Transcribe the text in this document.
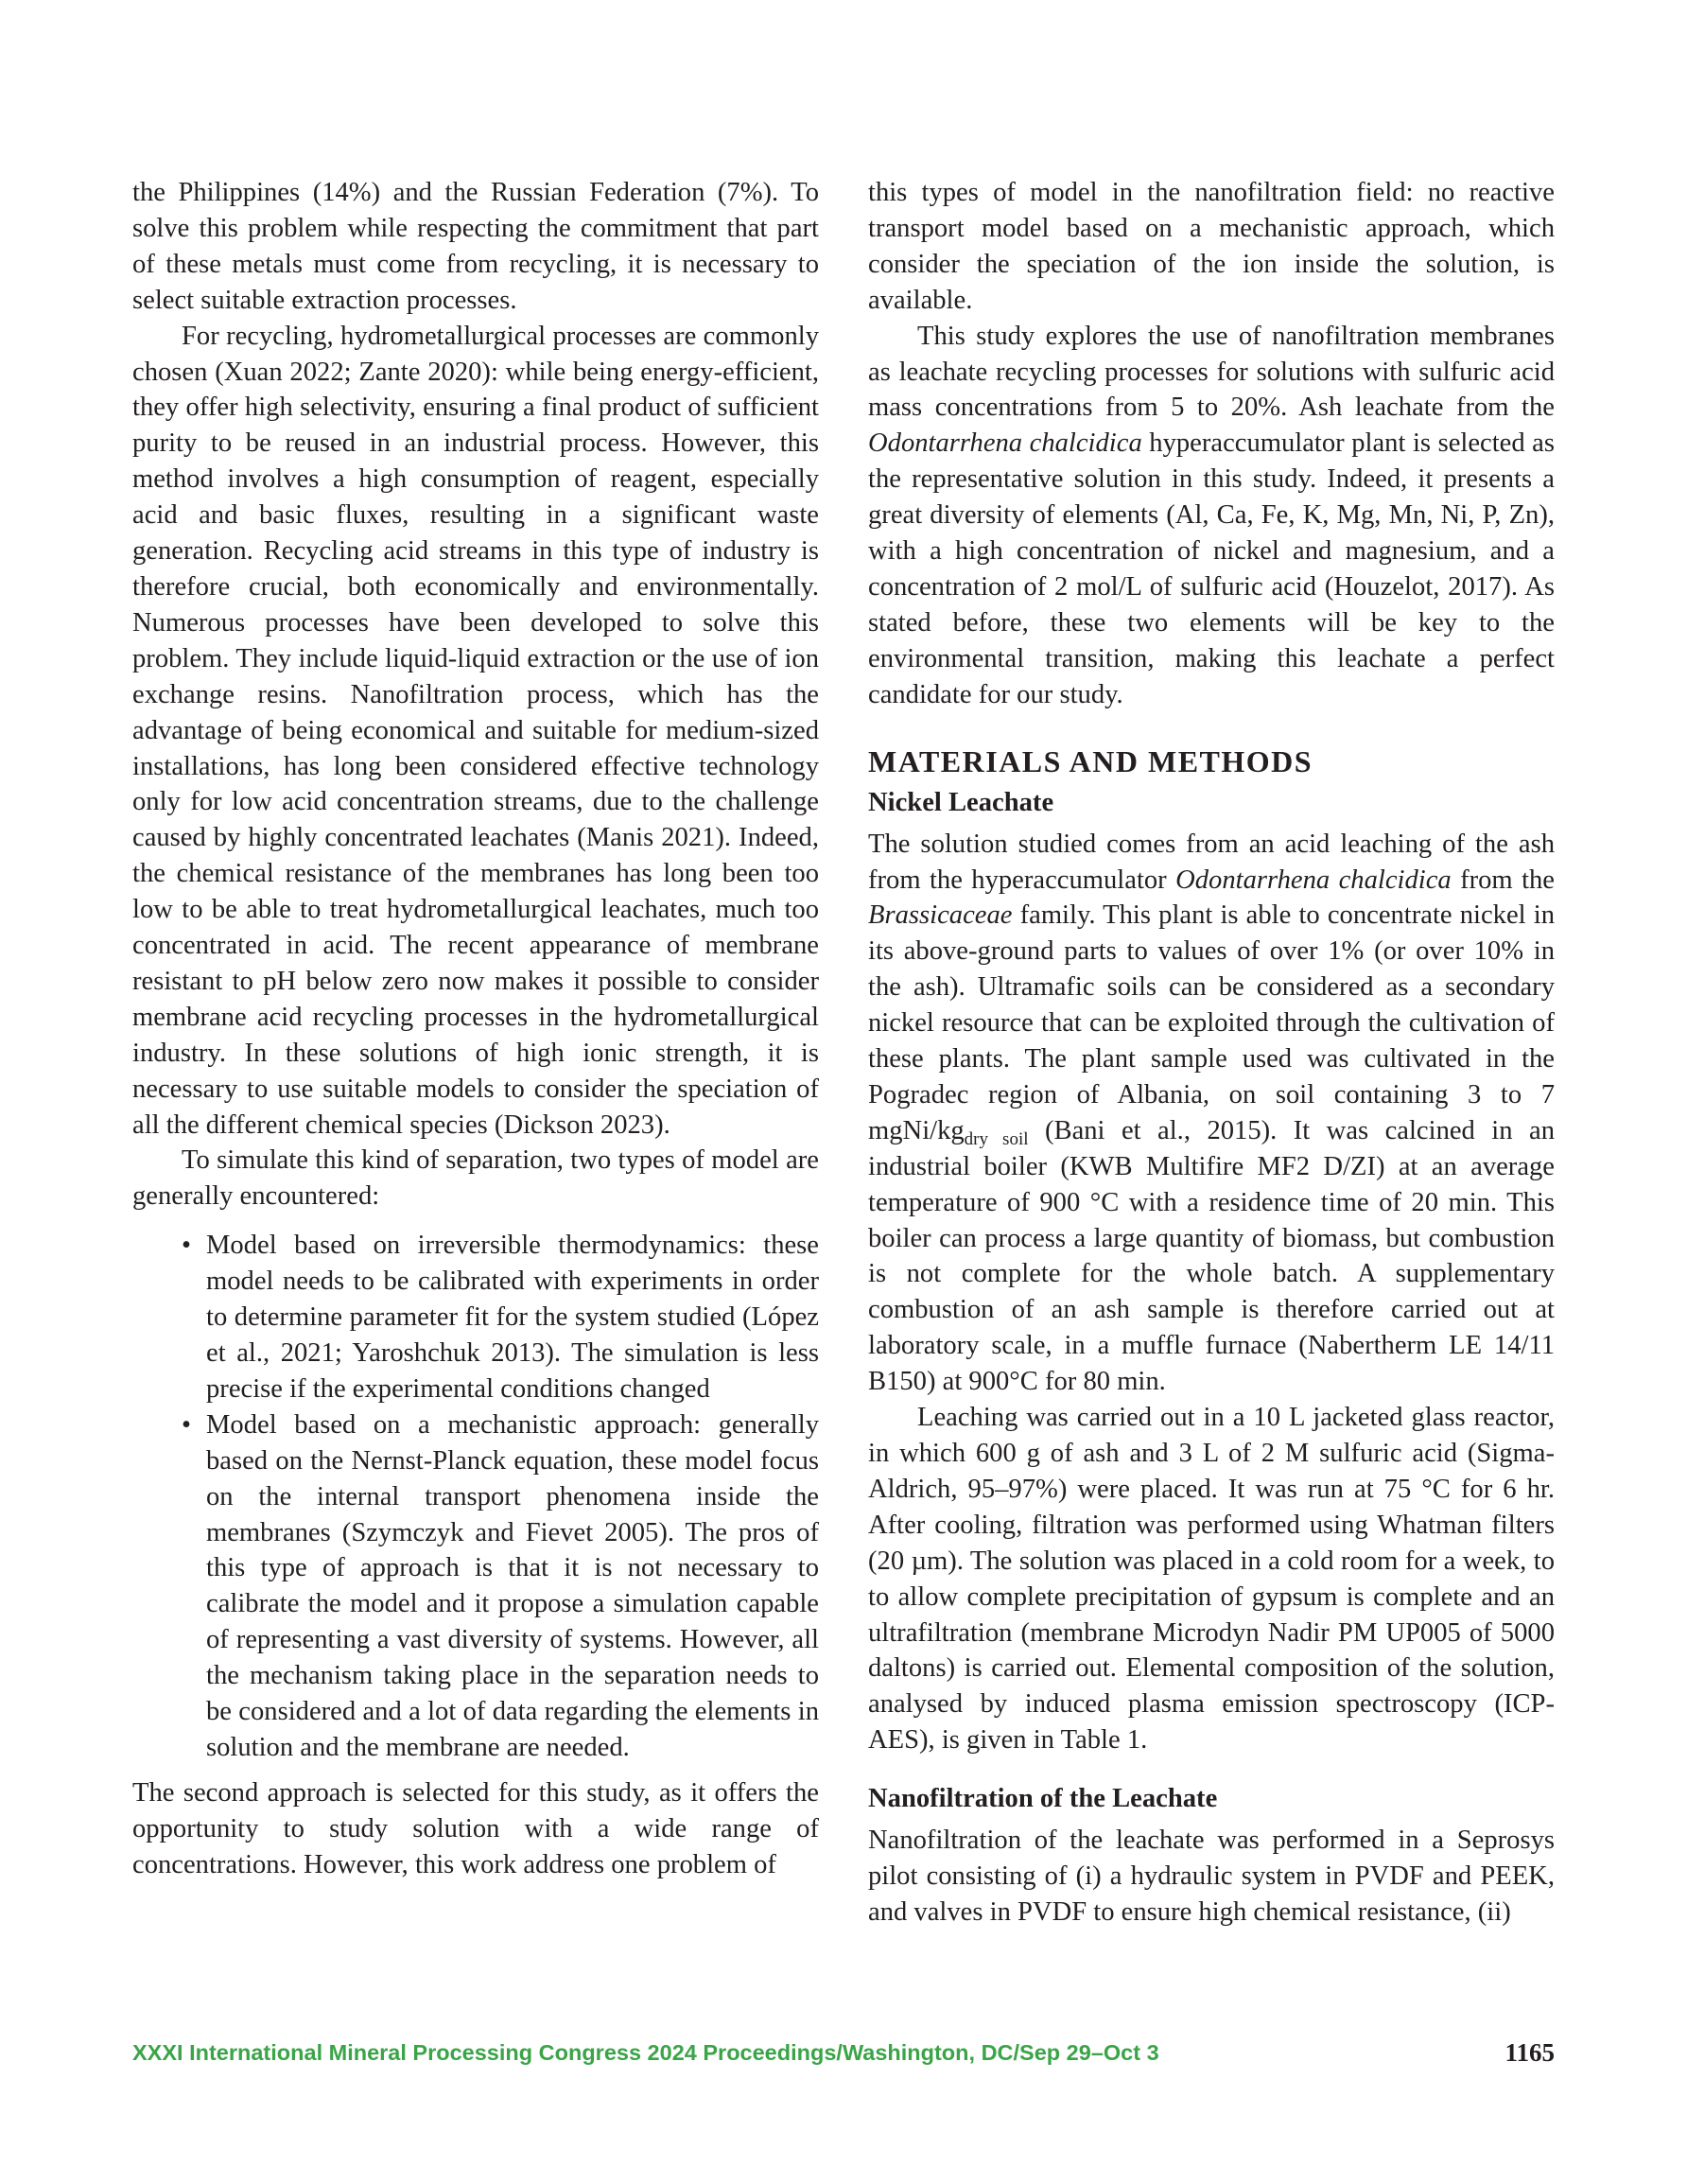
the Philippines (14%) and the Russian Federation (7%). To solve this problem while respecting the commitment that part of these metals must come from recycling, it is necessary to select suitable extraction processes.

For recycling, hydrometallurgical processes are commonly chosen (Xuan 2022; Zante 2020): while being energy-efficient, they offer high selectivity, ensuring a final product of sufficient purity to be reused in an industrial process. However, this method involves a high consumption of reagent, especially acid and basic fluxes, resulting in a significant waste generation. Recycling acid streams in this type of industry is therefore crucial, both economically and environmentally. Numerous processes have been developed to solve this problem. They include liquid-liquid extraction or the use of ion exchange resins. Nanofiltration process, which has the advantage of being economical and suitable for medium-sized installations, has long been considered effective technology only for low acid concentration streams, due to the challenge caused by highly concentrated leachates (Manis 2021). Indeed, the chemical resistance of the membranes has long been too low to be able to treat hydrometallurgical leachates, much too concentrated in acid. The recent appearance of membrane resistant to pH below zero now makes it possible to consider membrane acid recycling processes in the hydrometallurgical industry. In these solutions of high ionic strength, it is necessary to use suitable models to consider the speciation of all the different chemical species (Dickson 2023).

To simulate this kind of separation, two types of model are generally encountered:

• Model based on irreversible thermodynamics: these model needs to be calibrated with experiments in order to determine parameter fit for the system studied (López et al., 2021; Yaroshchuk 2013). The simulation is less precise if the experimental conditions changed
• Model based on a mechanistic approach: generally based on the Nernst-Planck equation, these model focus on the internal transport phenomena inside the membranes (Szymczyk and Fievet 2005). The pros of this type of approach is that it is not necessary to calibrate the model and it propose a simulation capable of representing a vast diversity of systems. However, all the mechanism taking place in the separation needs to be considered and a lot of data regarding the elements in solution and the membrane are needed.

The second approach is selected for this study, as it offers the opportunity to study solution with a wide range of concentrations. However, this work address one problem of

this types of model in the nanofiltration field: no reactive transport model based on a mechanistic approach, which consider the speciation of the ion inside the solution, is available.

This study explores the use of nanofiltration membranes as leachate recycling processes for solutions with sulfuric acid mass concentrations from 5 to 20%. Ash leachate from the Odontarrhena chalcidica hyperaccumulator plant is selected as the representative solution in this study. Indeed, it presents a great diversity of elements (Al, Ca, Fe, K, Mg, Mn, Ni, P, Zn), with a high concentration of nickel and magnesium, and a concentration of 2 mol/L of sulfuric acid (Houzelot, 2017). As stated before, these two elements will be key to the environmental transition, making this leachate a perfect candidate for our study.

MATERIALS AND METHODS
Nickel Leachate

The solution studied comes from an acid leaching of the ash from the hyperaccumulator Odontarrhena chalcidica from the Brassicaceae family. This plant is able to concentrate nickel in its above-ground parts to values of over 1% (or over 10% in the ash). Ultramafic soils can be considered as a secondary nickel resource that can be exploited through the cultivation of these plants. The plant sample used was cultivated in the Pogradec region of Albania, on soil containing 3 to 7 mgNi/$kg_{dry soil}$ (Bani et al., 2015). It was calcined in an industrial boiler (KWB Multifire MF2 D/ZI) at an average temperature of 900 °C with a residence time of 20 min. This boiler can process a large quantity of biomass, but combustion is not complete for the whole batch. A supplementary combustion of an ash sample is therefore carried out at laboratory scale, in a muffle furnace (Nabertherm LE 14/11 B150) at 900°C for 80 min.

Leaching was carried out in a 10 L jacketed glass reactor, in which 600 g of ash and 3 L of 2 M sulfuric acid (Sigma-Aldrich, 95–97%) were placed. It was run at 75 °C for 6 hr. After cooling, filtration was performed using Whatman filters (20 µm). The solution was placed in a cold room for a week, to to allow complete precipitation of gypsum is complete and an ultrafiltration (membrane Microdyn Nadir PM UP005 of 5000 daltons) is carried out. Elemental composition of the solution, analysed by induced plasma emission spectroscopy (ICP-AES), is given in Table 1.

Nanofiltration of the Leachate

Nanofiltration of the leachate was performed in a Seprosys pilot consisting of (i) a hydraulic system in PVDF and PEEK, and valves in PVDF to ensure high chemical resistance, (ii)

XXXI International Mineral Processing Congress 2024 Proceedings/Washington, DC/Sep 29–Oct 3	1165
